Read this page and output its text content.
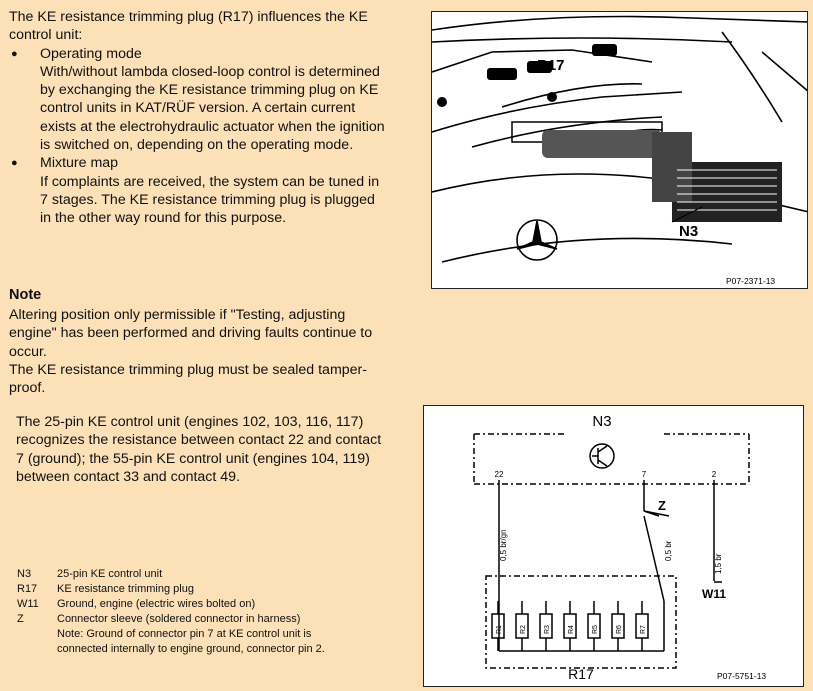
The KE resistance trimming plug (R17) influences the KE control unit:
● Operating mode
With/without lambda closed-loop control is determined by exchanging the KE resistance trimming plug on KE control units in KAT/RÜF version. A certain current exists at the electrohydraulic actuator when the ignition is switched on, depending on the operating mode.
● Mixture map
If complaints are received, the system can be tuned in 7 stages. The KE resistance trimming plug is plugged in the other way round for this purpose.
Note
Altering position only permissible if "Testing, adjusting engine" has been performed and driving faults continue to occur.
The KE resistance trimming plug must be sealed tamper-proof.
The 25-pin KE control unit (engines 102, 103, 116, 117) recognizes the resistance between contact 22 and contact 7 (ground); the 55-pin KE control unit (engines 104, 119) between contact 33 and contact 49.
N3	25-pin KE control unit
R17	KE resistance trimming plug
W11	Ground, engine (electric wires bolted on)
Z	Connector sleeve (soldered connector in harness)
Note: Ground of connector pin 7 at KE control unit is
connected internally to engine ground, connector pin 2.
R17
N3
P07-2371-13
N3
22	7	2
Z
0,5 br/gn	0,5 br
1,5 br
W11
R1 R2 R3 R4 R5 R6 R7
R17	P07-5751-13
